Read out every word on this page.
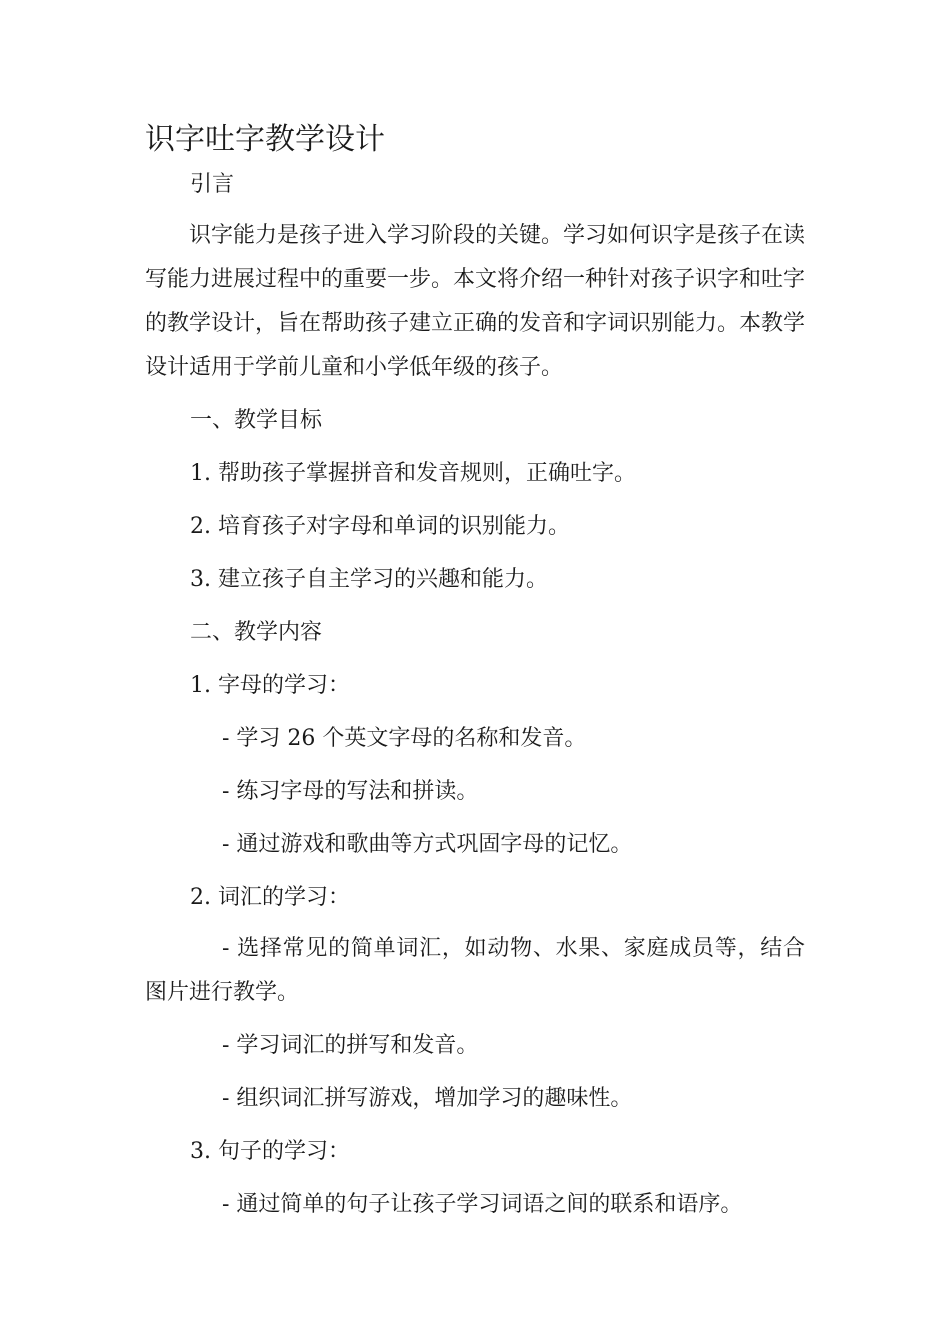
识字吐字教学设计

引言

识字能力是孩子进入学习阶段的关键。学习如何识字是孩子在读写能力进展过程中的重要一步。本文将介绍一种针对孩子识字和吐字的教学设计，旨在帮助孩子建立正确的发音和字词识别能力。本教学设计适用于学前儿童和小学低年级的孩子。

一、教学目标

1. 帮助孩子掌握拼音和发音规则，正确吐字。

2. 培育孩子对字母和单词的识别能力。

3. 建立孩子自主学习的兴趣和能力。

二、教学内容

1. 字母的学习：

- 学习 26 个英文字母的名称和发音。

- 练习字母的写法和拼读。

- 通过游戏和歌曲等方式巩固字母的记忆。

2. 词汇的学习：

- 选择常见的简单词汇，如动物、水果、家庭成员等，结合图片进行教学。

- 学习词汇的拼写和发音。

- 组织词汇拼写游戏，增加学习的趣味性。

3. 句子的学习：

- 通过简单的句子让孩子学习词语之间的联系和语序。
